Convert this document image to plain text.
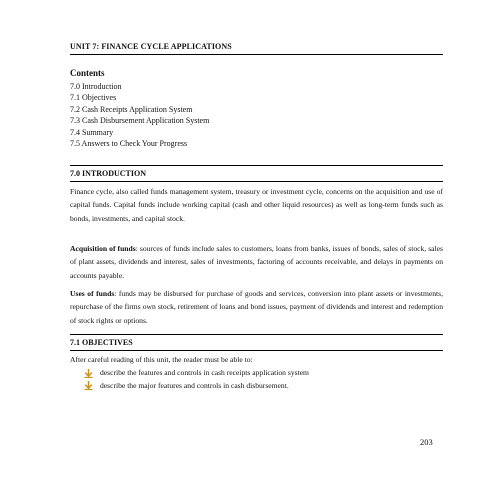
UNIT 7: FINANCE CYCLE APPLICATIONS
Contents
7.0 Introduction
7.1 Objectives
7.2 Cash Receipts Application System
7.3 Cash Disbursement Application System
7.4 Summary
7.5 Answers to Check Your Progress
7.0 INTRODUCTION

Finance cycle, also called funds management system, treasury or investment cycle, concerns on the acquisition and use of capital funds. Capital funds include working capital (cash and other liquid resources) as well as long-term funds such as bonds, investments, and capital stock.

Acquisition of funds: sources of funds include sales to customers, loans from banks, issues of bonds, sales of stock, sales of plant assets, dividends and interest, sales of investments, factoring of accounts receivable, and delays in payments on accounts payable.

Uses of funds: funds may be disbursed for purchase of goods and services, conversion into plant assets or investments, repurchase of the firms own stock, retirement of loans and bond issues, payment of dividends and interest and redemption of stock rights or options.

7.1 OBJECTIVES

After careful reading of this unit, the reader must be able to:

describe the features and controls in cash receipts application system
describe the major features and controls in cash disbursement.
203
